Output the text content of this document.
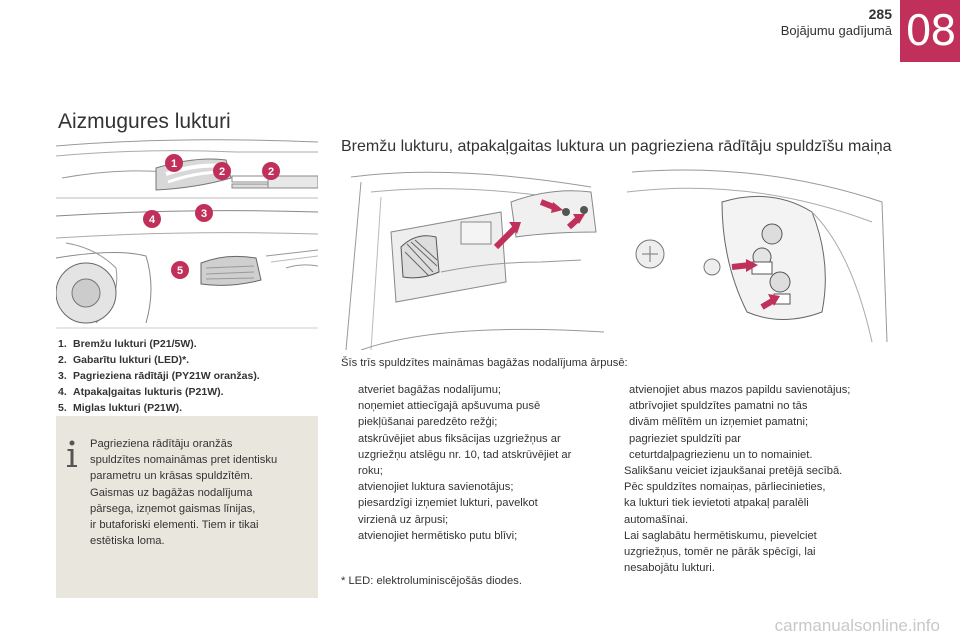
08
285
Bojājumu gadījumā
Aizmugures lukturi
1
2	2
3
4
5
Bremžu lukturu, atpakaļgaitas luktura un pagrieziena rādītāju spuldzīšu maiņa
1. Bremžu lukturi (P21/5W).
2. Gabarītu lukturi (LED)*.
3. Pagrieziena rādītāji (PY21W oranžas).
4. Atpakaļgaitas lukturis (P21W).
5. Miglas lukturi (P21W).
Pagrieziena rādītāju oranžās
spuldzītes nomaināmas pret identisku
parametru un krāsas spuldzītēm.
Gaismas uz bagāžas nodalījuma
pārsega, izņemot gaismas līnijas,
ir butaforiski elementi. Tiem ir tikai
estētiska loma.
Šīs trīs spuldzītes maināmas bagāžas nodalījuma ārpusē:
atveriet bagāžas nodalījumu;
noņemiet attiecīgajā apšuvuma pusē
piekļūšanai paredzēto režģi;
atskrūvējiet abus fiksācijas uzgriežņus ar
uzgriežņu atslēgu nr. 10, tad atskrūvējiet ar
roku;
atvienojiet luktura savienotājus;
piesardzīgi izņemiet lukturi, pavelkot
virzienā uz ārpusi;
atvienojiet hermētisko putu blīvi;
atvienojiet abus mazos papildu savienotājus;
atbrīvojiet spuldzītes pamatni no tās
divām mēlītēm un izņemiet pamatni;
pagrieziet spuldzīti par
ceturtdaļpagriezienu un to nomainiet.
Salikšanu veiciet izjaukšanai pretējā secībā.
Pēc spuldzītes nomaiņas, pārliecinieties,
ka lukturi tiek ievietoti atpakaļ paralēli
automašīnai.
Lai saglabātu hermētiskumu, pievelciet
uzgriežņus, tomēr ne pārāk spēcīgi, lai
nesabojātu lukturi.
* LED: elektroluminiscējošās diodes.
carmanualsonline.info
